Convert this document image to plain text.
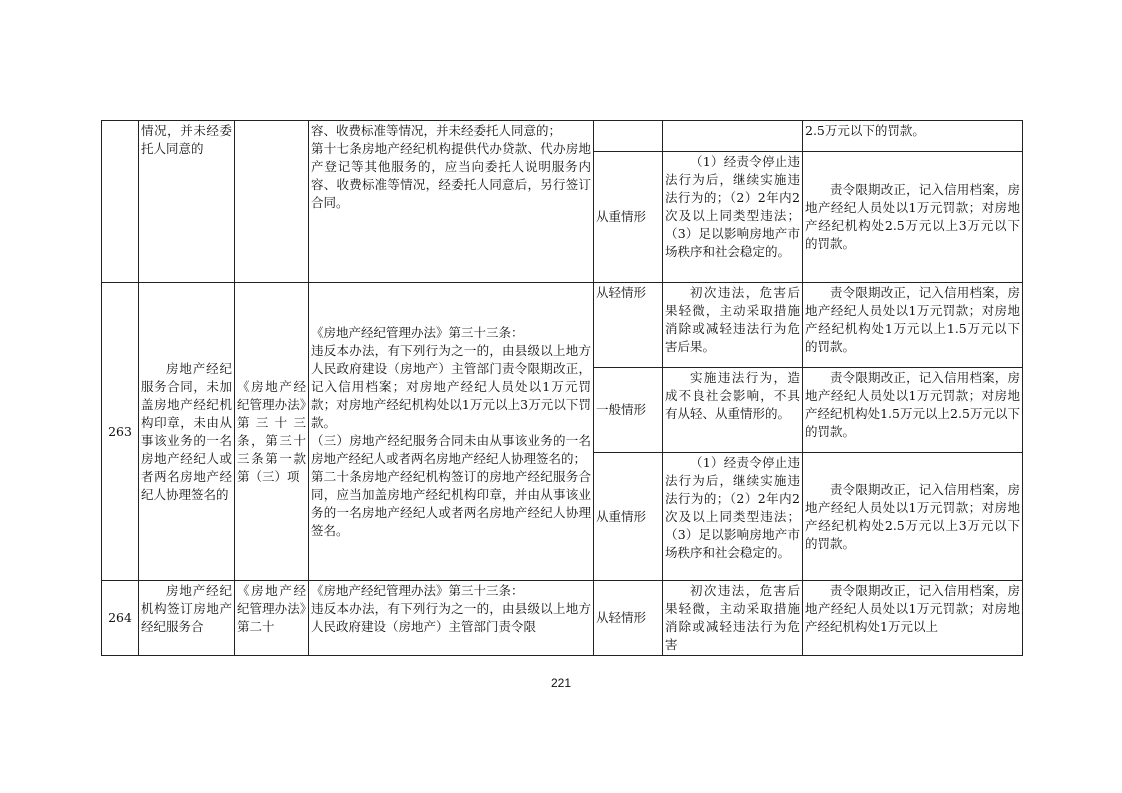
	情况，并未经委托人同意的		容、收费标准等情况，并未经委托人同意的；
第十七条房地产经纪机构提供代办贷款、代办房地产登记等其他服务的，应当向委托人说明服务内容、收费标准等情况，经委托人同意后，另行签订合同。			2.5万元以下的罚款。

				从重情形	（1）经责令停止违法行为后，继续实施违法行为的；（2）2年内2次及以上同类型违法；（3）足以影响房地产市场秩序和社会稳定的。	责令限期改正，记入信用档案，房地产经纪人员处以1万元罚款；对房地产经纪机构处2.5万元以上3万元以下的罚款。

263	房地产经纪服务合同，未加盖房地产经纪机构印章，未由从事该业务的一名房地产经纪人或者两名房地产经纪人协理签名的	《房地产经纪管理办法》第三十三条，第三十三条第一款第（三）项	《房地产经纪管理办法》第三十三条：
违反本办法，有下列行为之一的，由县级以上地方人民政府建设（房地产）主管部门责令限期改正，记入信用档案；对房地产经纪人员处以1万元罚款；对房地产经纪机构处以1万元以上3万元以下罚款。
（三）房地产经纪服务合同未由从事该业务的一名房地产经纪人或者两名房地产经纪人协理签名的；
第二十条房地产经纪机构签订的房地产经纪服务合同，应当加盖房地产经纪机构印章，并由从事该业务的一名房地产经纪人或者两名房地产经纪人协理签名。	从轻情形	初次违法，危害后果轻微，主动采取措施消除或减轻违法行为危害后果。	责令限期改正，记入信用档案，房地产经纪人员处以1万元罚款；对房地产经纪机构处1万元以上1.5万元以下的罚款。

				一般情形	实施违法行为，造成不良社会影响，不具有从轻、从重情形的。	责令限期改正，记入信用档案，房地产经纪人员处以1万元罚款；对房地产经纪机构处1.5万元以上2.5万元以下的罚款。

				从重情形	（1）经责令停止违法行为后，继续实施违法行为的；（2）2年内2次及以上同类型违法；（3）足以影响房地产市场秩序和社会稳定的。	责令限期改正，记入信用档案，房地产经纪人员处以1万元罚款；对房地产经纪机构处2.5万元以上3万元以下的罚款。

264	房地产经纪机构签订房地产经纪服务合	《房地产经纪管理办法》第二十	《房地产经纪管理办法》第三十三条：
违反本办法，有下列行为之一的，由县级以上地方人民政府建设（房地产）主管部门责令限	从轻情形	初次违法，危害后果轻微，主动采取措施消除或减轻违法行为危害	责令限期改正，记入信用档案，房地产经纪人员处以1万元罚款；对房地产经纪机构处1万元以上
221
